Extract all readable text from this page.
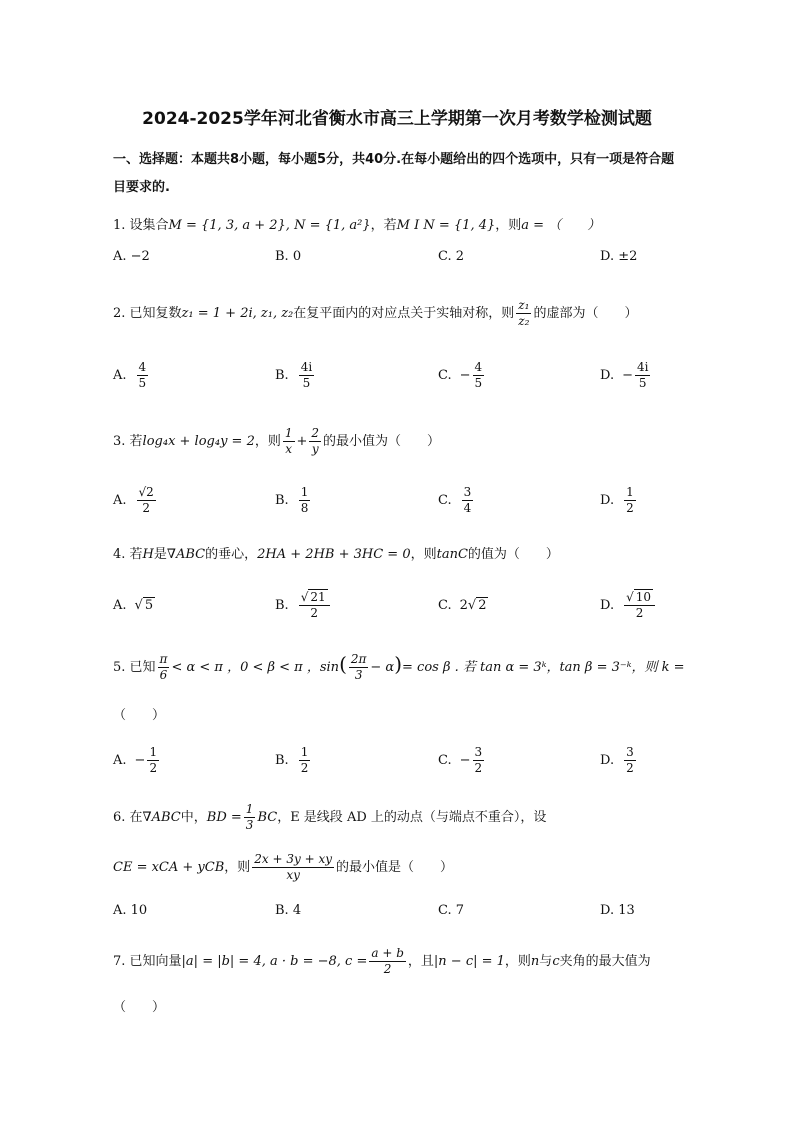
2024-2025学年河北省衡水市高三上学期第一次月考数学检测试题
一、选择题：本题共8小题，每小题5分，共40分.在每小题给出的四个选项中，只有一项是符合题目要求的.
1. 设集合M = {1, 3, a + 2}, N = {1, a²}，若M I N = {1, 4}，则a = （　　）
A. −2	B. 0	C. 2	D. ±2
2. 已知复数z₁ = 1 + 2i, z₁, z₂在复平面内的对应点关于实轴对称，则 $\frac{\text{z₁}}{\text{z₂}}$ 的虚部为（　　）
A. $\frac{4}{5}$	B. $\frac{4i}{5}$	C. − $\frac{4}{5}$	D. − $\frac{4i}{5}$
3. 若log₄x + log₄y = 2，则 $\frac{1}{x} + \frac{2}{y}$ 的最小值为（　　）
A. $\frac{√2}{2}$	B. $\frac{1}{8}$	C. $\frac{3}{4}$	D. $\frac{1}{2}$
4. 若H是∇ABC的垂心，2HA + 2HB + 3HC = 0，则tanC的值为（　　）
A. √ 5	B. $\frac{√ 21}{2}$	C. 2 √ 2	D. $\frac{√ 10}{2}$
5. 已知 $\frac{\pi}{6} < \alpha < \pi$ ，0 < β < π ，$\sin( \frac{2\pi}{3} - \alpha)= \cos \beta$ . 若 tan α = 3ᵏ，tan β = 3⁻ᵏ，则 k =
（　　）
A. − $\frac{1}{2}$	B. $\frac{1}{2}$	C. − $\frac{3}{2}$	D. $\frac{3}{2}$
6. 在∇ABC中，BD = $\frac{1}{3}$ BC，E 是线段 AD 上的动点（与端点不重合），设
CE = xCA + yCB，则 $\frac{2x + 3y + xy}{xy}$ 的最小值是（　　）
A. 10	B. 4	C. 7	D. 13
7. 已知向量|a| = |b| = 4, a · b = −8, $c = \frac{a + b}{2}$ ，且|n − c| = 1，则n与c夹角的最大值为
（　　）
